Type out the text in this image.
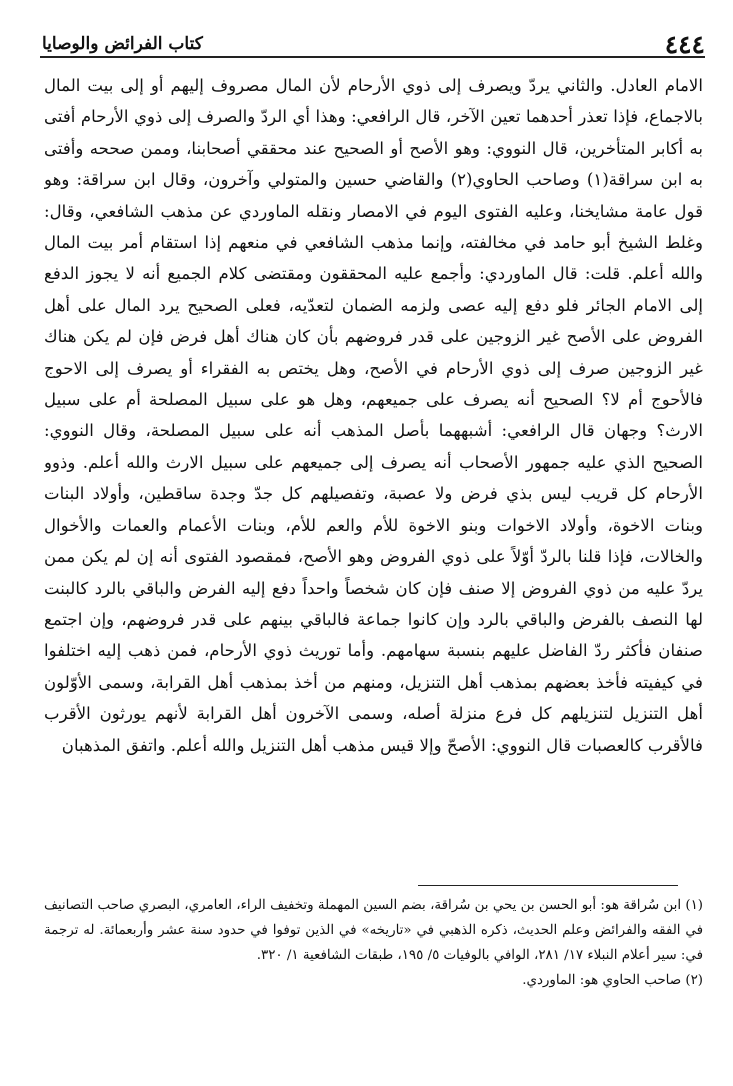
٤٤٤
كتاب الفرائض والوصايا

الامام العادل. والثاني يردّ ويصرف إلى ذوي الأرحام لأن المال مصروف إليهم أو إلى بيت المال بالاجماع، فإذا تعذر أحدهما تعين الآخر، قال الرافعي: وهذا أي الردّ والصرف إلى ذوي الأرحام أفتى به أكابر المتأخرين، قال النووي: وهو الأصح أو الصحيح عند محققي أصحابنا، وممن صححه وأفتى به ابن سراقة(١) وصاحب الحاوي(٢) والقاضي حسين والمتولي وآخرون، وقال ابن سراقة: وهو قول عامة مشايخنا، وعليه الفتوى اليوم في الامصار ونقله الماوردي عن مذهب الشافعي، وقال: وغلط الشيخ أبو حامد في مخالفته، وإنما مذهب الشافعي في منعهم إذا استقام أمر بيت المال والله أعلم. قلت: قال الماوردي: وأجمع عليه المحققون ومقتضى كلام الجميع أنه لا يجوز الدفع إلى الامام الجائر فلو دفع إليه عصى ولزمه الضمان لتعدّيه، فعلى الصحيح يرد المال على أهل الفروض على الأصح غير الزوجين على قدر فروضهم بأن كان هناك أهل فرض فإن لم يكن هناك غير الزوجين صرف إلى ذوي الأرحام في الأصح، وهل يختص به الفقراء أو يصرف إلى الاحوج فالأحوج أم لا؟ الصحيح أنه يصرف على جميعهم، وهل هو على سبيل المصلحة أم على سبيل الارث؟ وجهان قال الرافعي: أشبههما بأصل المذهب أنه على سبيل المصلحة، وقال النووي: الصحيح الذي عليه جمهور الأصحاب أنه يصرف إلى جميعهم على سبيل الارث والله أعلم. وذوو الأرحام كل قريب ليس بذي فرض ولا عصبة، وتفصيلهم كل جدّ وجدة ساقطين، وأولاد البنات وبنات الاخوة، وأولاد الاخوات وبنو الاخوة للأم والعم للأم، وبنات الأعمام والعمات والأخوال والخالات، فإذا قلنا بالردّ أوّلاً على ذوي الفروض وهو الأصح، فمقصود الفتوى أنه إن لم يكن ممن يردّ عليه من ذوي الفروض إلا صنف فإن كان شخصاً واحداً دفع إليه الفرض والباقي بالرد كالبنت لها النصف بالفرض والباقي بالرد وإن كانوا جماعة فالباقي بينهم على قدر فروضهم، وإن اجتمع صنفان فأكثر ردّ الفاضل عليهم بنسبة سهامهم. وأما توريث ذوي الأرحام، فمن ذهب إليه اختلفوا في كيفيته فأخذ بعضهم بمذهب أهل التنزيل، ومنهم من أخذ بمذهب أهل القرابة، وسمى الأوّلون أهل التنزيل لتنزيلهم كل فرع منزلة أصله، وسمى الآخرون أهل القرابة لأنهم يورثون الأقرب فالأقرب كالعصبات قال النووي: الأصحّ وإلا قيس مذهب أهل التنزيل والله أعلم. واتفق المذهبان

(١) ابن سُراقة هو: أبو الحسن بن يحي بن سُراقة، بضم السين المهملة وتخفيف الراء، العامري، البصري صاحب التصانيف في الفقه والفرائض وعلم الحديث، ذكره الذهبي في «تاريخه» في الذين توفوا في حدود سنة عشر وأربعمائة. له ترجمة في: سير أعلام النبلاء ١٧/ ٢٨١، الوافي بالوفيات ٥/ ١٩٥، طبقات الشافعية ١/ ٣٢٠.

(٢) صاحب الحاوي هو: الماوردي.
